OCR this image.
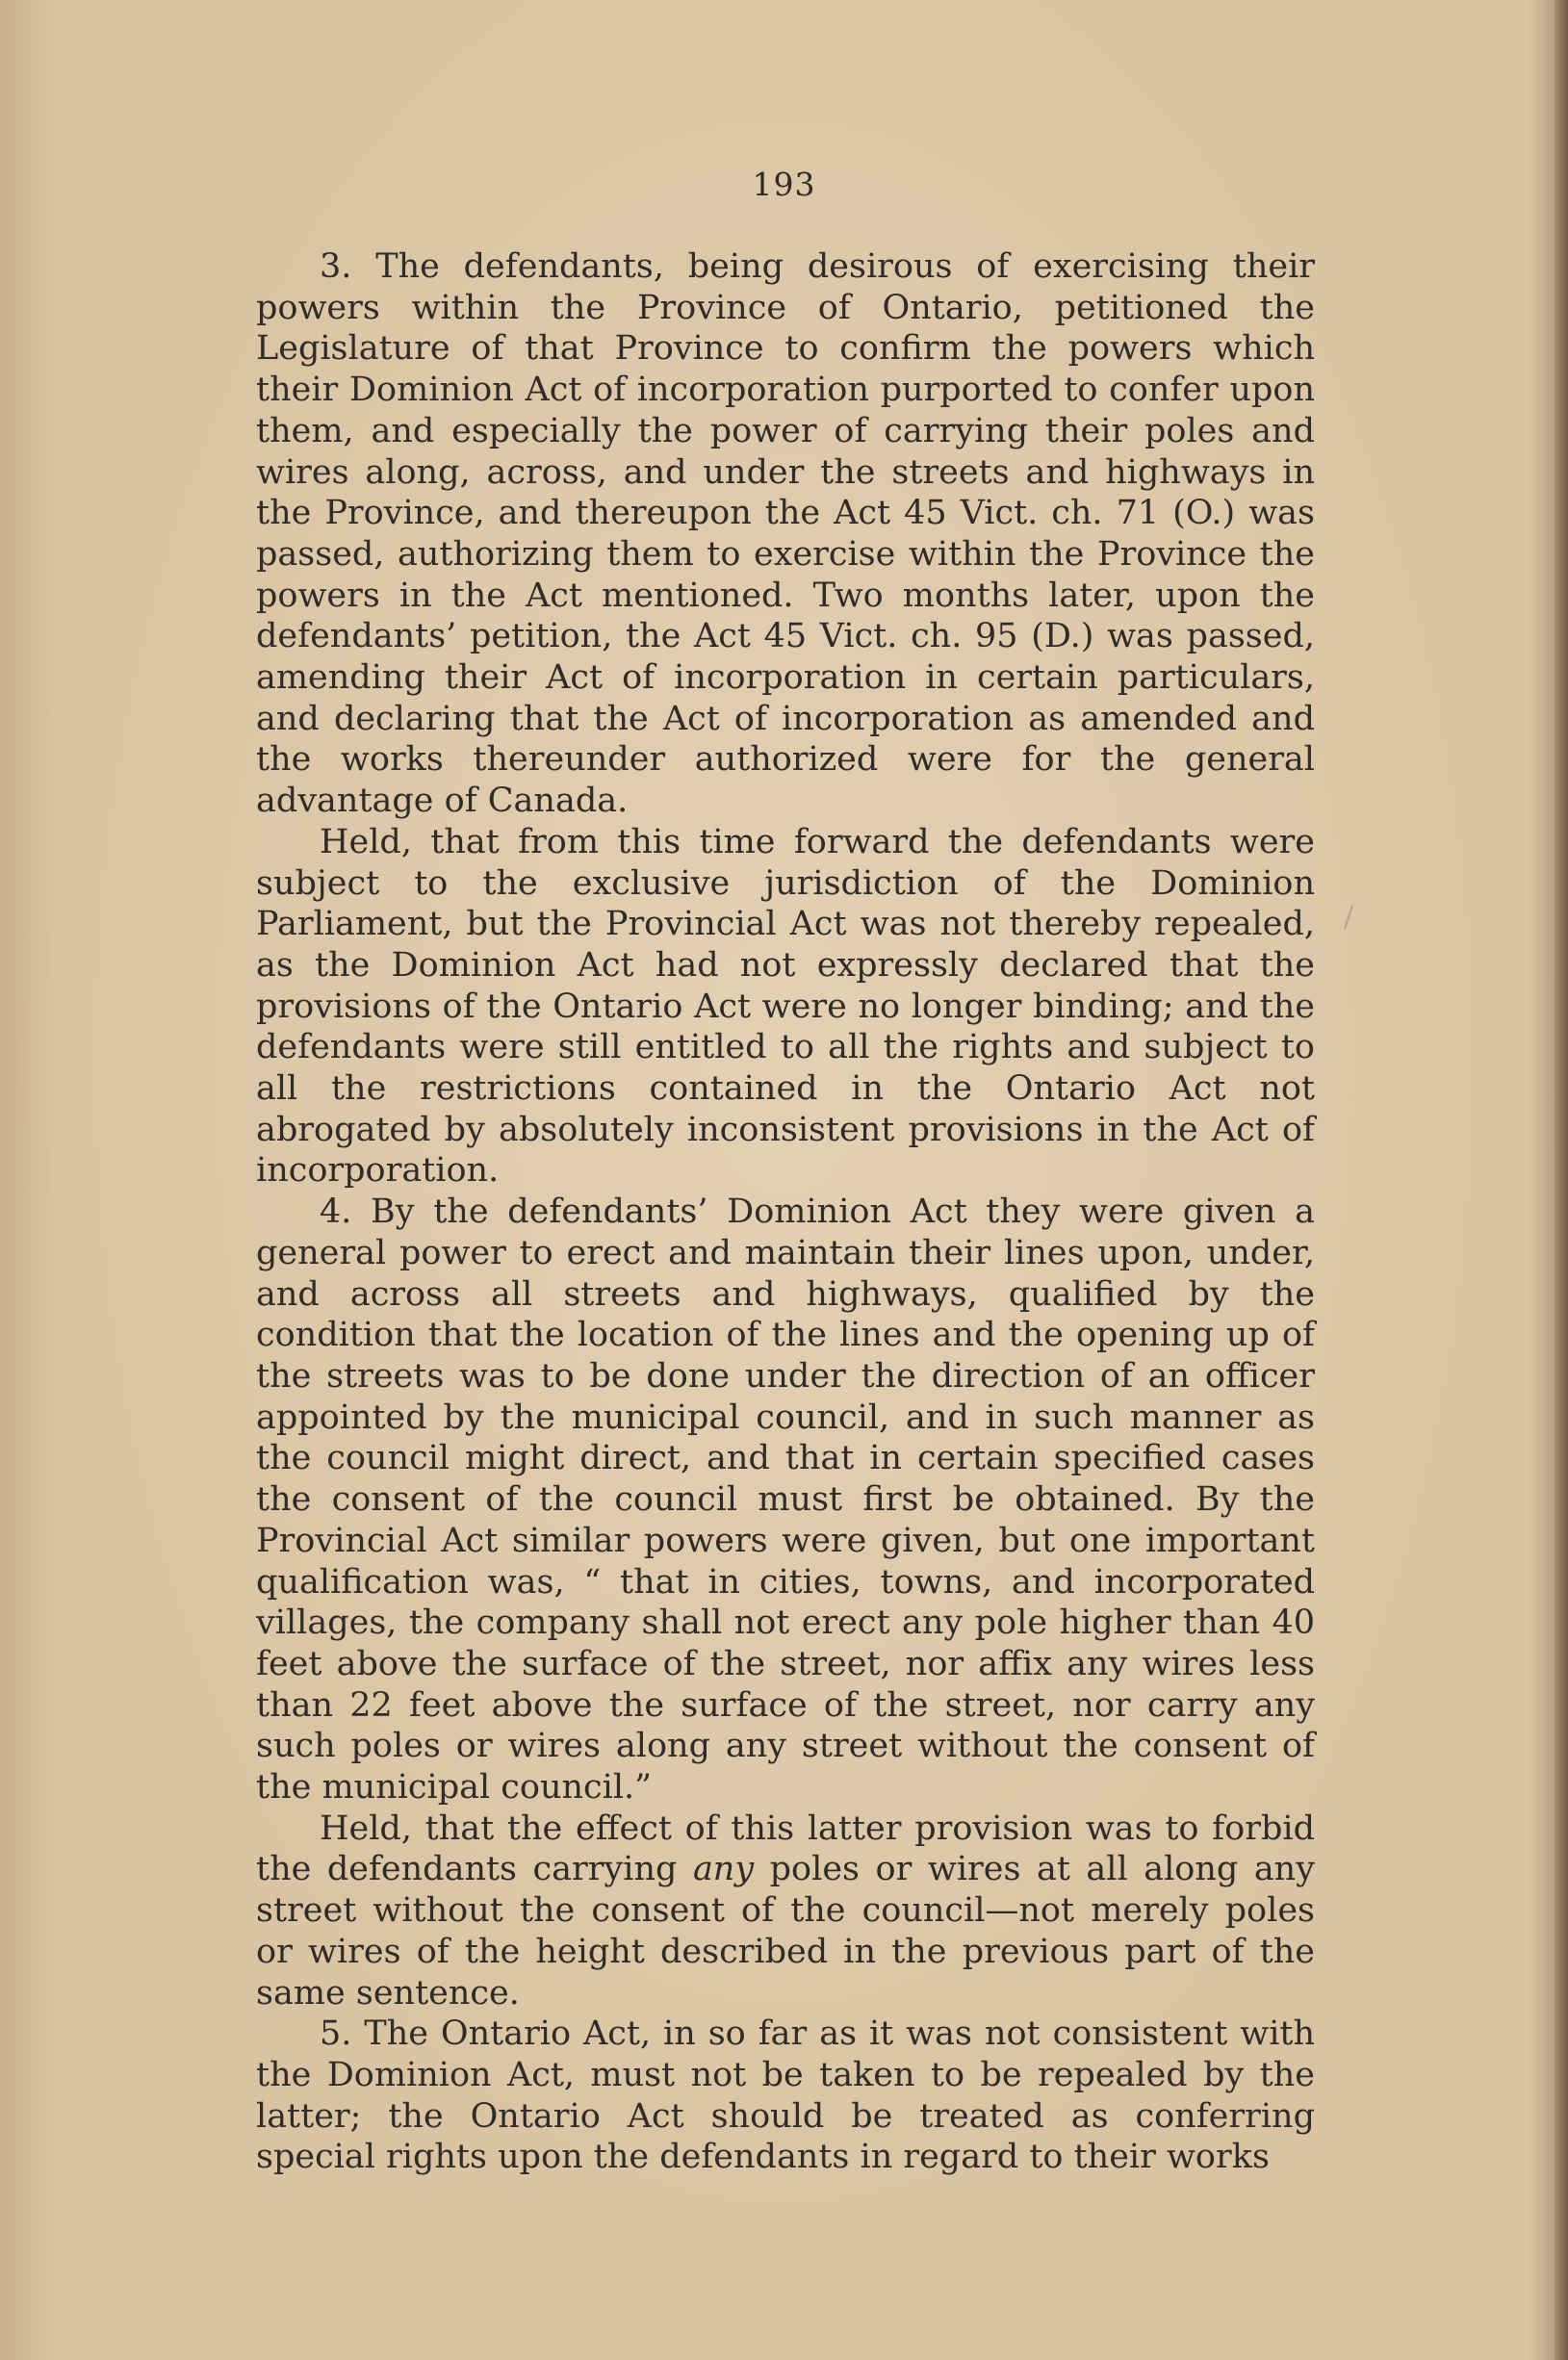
193

3. The defendants, being desirous of exercising their powers within the Province of Ontario, petitioned the Legislature of that Province to confirm the powers which their Dominion Act of incorporation purported to confer upon them, and especially the power of carrying their poles and wires along, across, and under the streets and highways in the Province, and thereupon the Act 45 Vict. ch. 71 (O.) was passed, authorizing them to exercise within the Province the powers in the Act mentioned. Two months later, upon the defendants’ petition, the Act 45 Vict. ch. 95 (D.) was passed, amending their Act of incorporation in certain particulars, and declaring that the Act of incorporation as amended and the works thereunder authorized were for the general advantage of Canada.

Held, that from this time forward the defendants were subject to the exclusive jurisdiction of the Dominion Parliament, but the Provincial Act was not thereby repealed, as the Dominion Act had not expressly declared that the provisions of the Ontario Act were no longer binding; and the defendants were still entitled to all the rights and subject to all the restrictions contained in the Ontario Act not abrogated by absolutely inconsistent provisions in the Act of incorporation.

4. By the defendants’ Dominion Act they were given a general power to erect and maintain their lines upon, under, and across all streets and highways, qualified by the condition that the location of the lines and the opening up of the streets was to be done under the direction of an officer appointed by the municipal council, and in such manner as the council might direct, and that in certain specified cases the consent of the council must first be obtained. By the Provincial Act similar powers were given, but one important qualification was, “ that in cities, towns, and incorporated villages, the company shall not erect any pole higher than 40 feet above the surface of the street, nor affix any wires less than 22 feet above the surface of the street, nor carry any such poles or wires along any street without the consent of the municipal council.”

Held, that the effect of this latter provision was to forbid the defendants carrying any poles or wires at all along any street without the consent of the council—not merely poles or wires of the height described in the previous part of the same sentence.

5. The Ontario Act, in so far as it was not consistent with the Dominion Act, must not be taken to be repealed by the latter; the Ontario Act should be treated as conferring special rights upon the defendants in regard to their works
